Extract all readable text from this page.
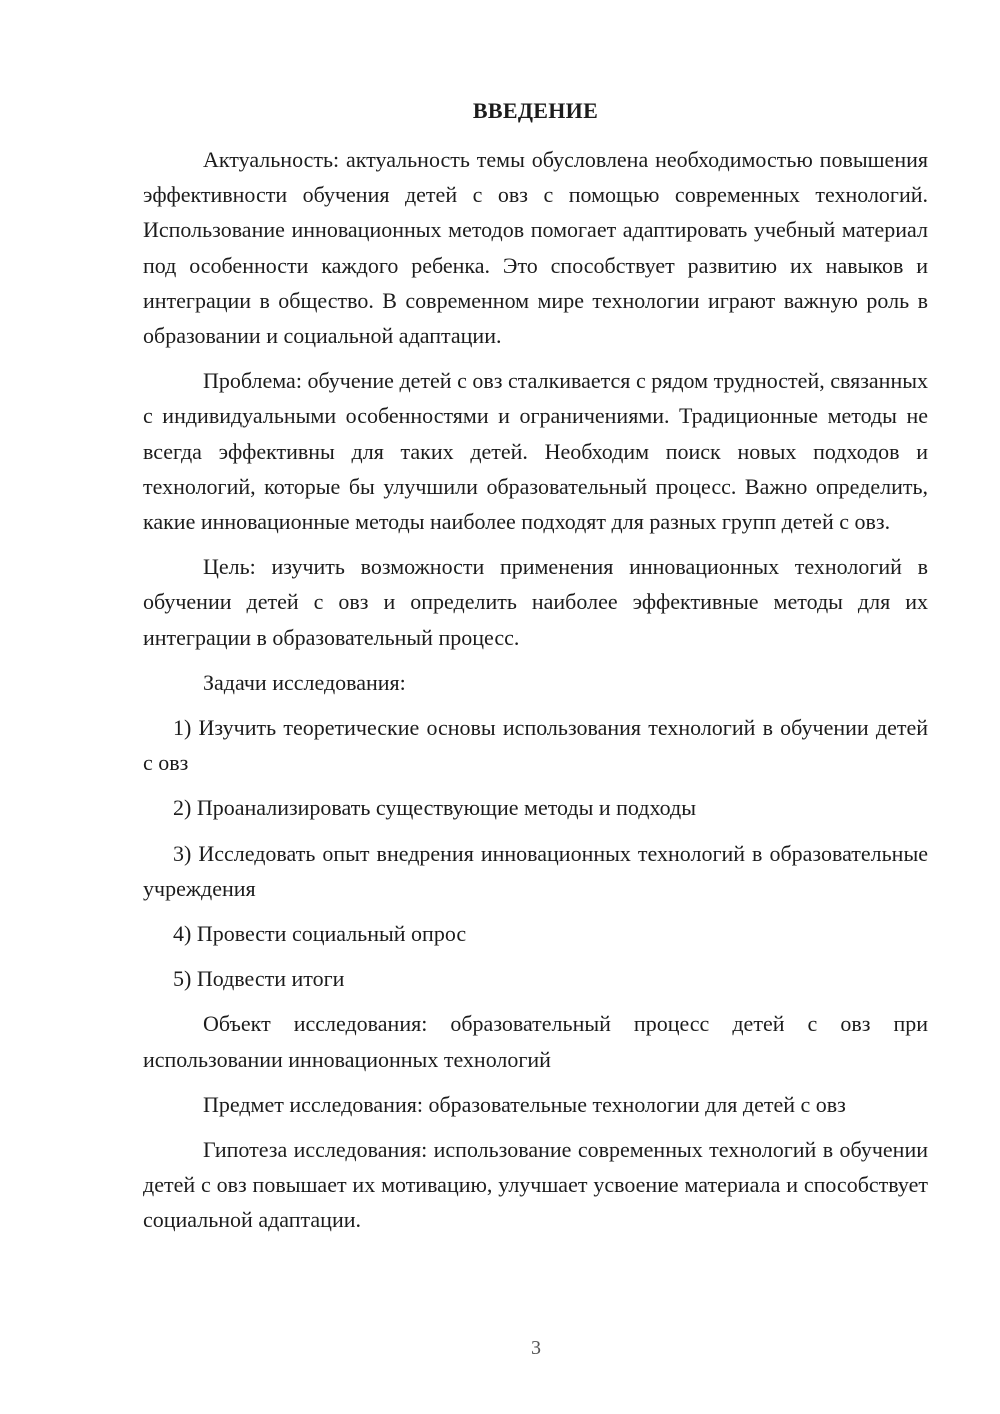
ВВЕДЕНИЕ

Актуальность: актуальность темы обусловлена необходимостью повышения эффективности обучения детей с овз с помощью современных технологий. Использование инновационных методов помогает адаптировать учебный материал под особенности каждого ребенка. Это способствует развитию их навыков и интеграции в общество. В современном мире технологии играют важную роль в образовании и социальной адаптации.

Проблема: обучение детей с овз сталкивается с рядом трудностей, связанных с индивидуальными особенностями и ограничениями. Традиционные методы не всегда эффективны для таких детей. Необходим поиск новых подходов и технологий, которые бы улучшили образовательный процесс. Важно определить, какие инновационные методы наиболее подходят для разных групп детей с овз.

Цель: изучить возможности применения инновационных технологий в обучении детей с овз и определить наиболее эффективные методы для их интеграции в образовательный процесс.

Задачи исследования:

1) Изучить теоретические основы использования технологий в обучении детей с овз

2) Проанализировать существующие методы и подходы

3) Исследовать опыт внедрения инновационных технологий в образовательные учреждения

4) Провести социальный опрос

5) Подвести итоги

Объект исследования: образовательный процесс детей с овз при использовании инновационных технологий

Предмет исследования: образовательные технологии для детей с овз

Гипотеза исследования: использование современных технологий в обучении детей с овз повышает их мотивацию, улучшает усвоение материала и способствует социальной адаптации.

3
